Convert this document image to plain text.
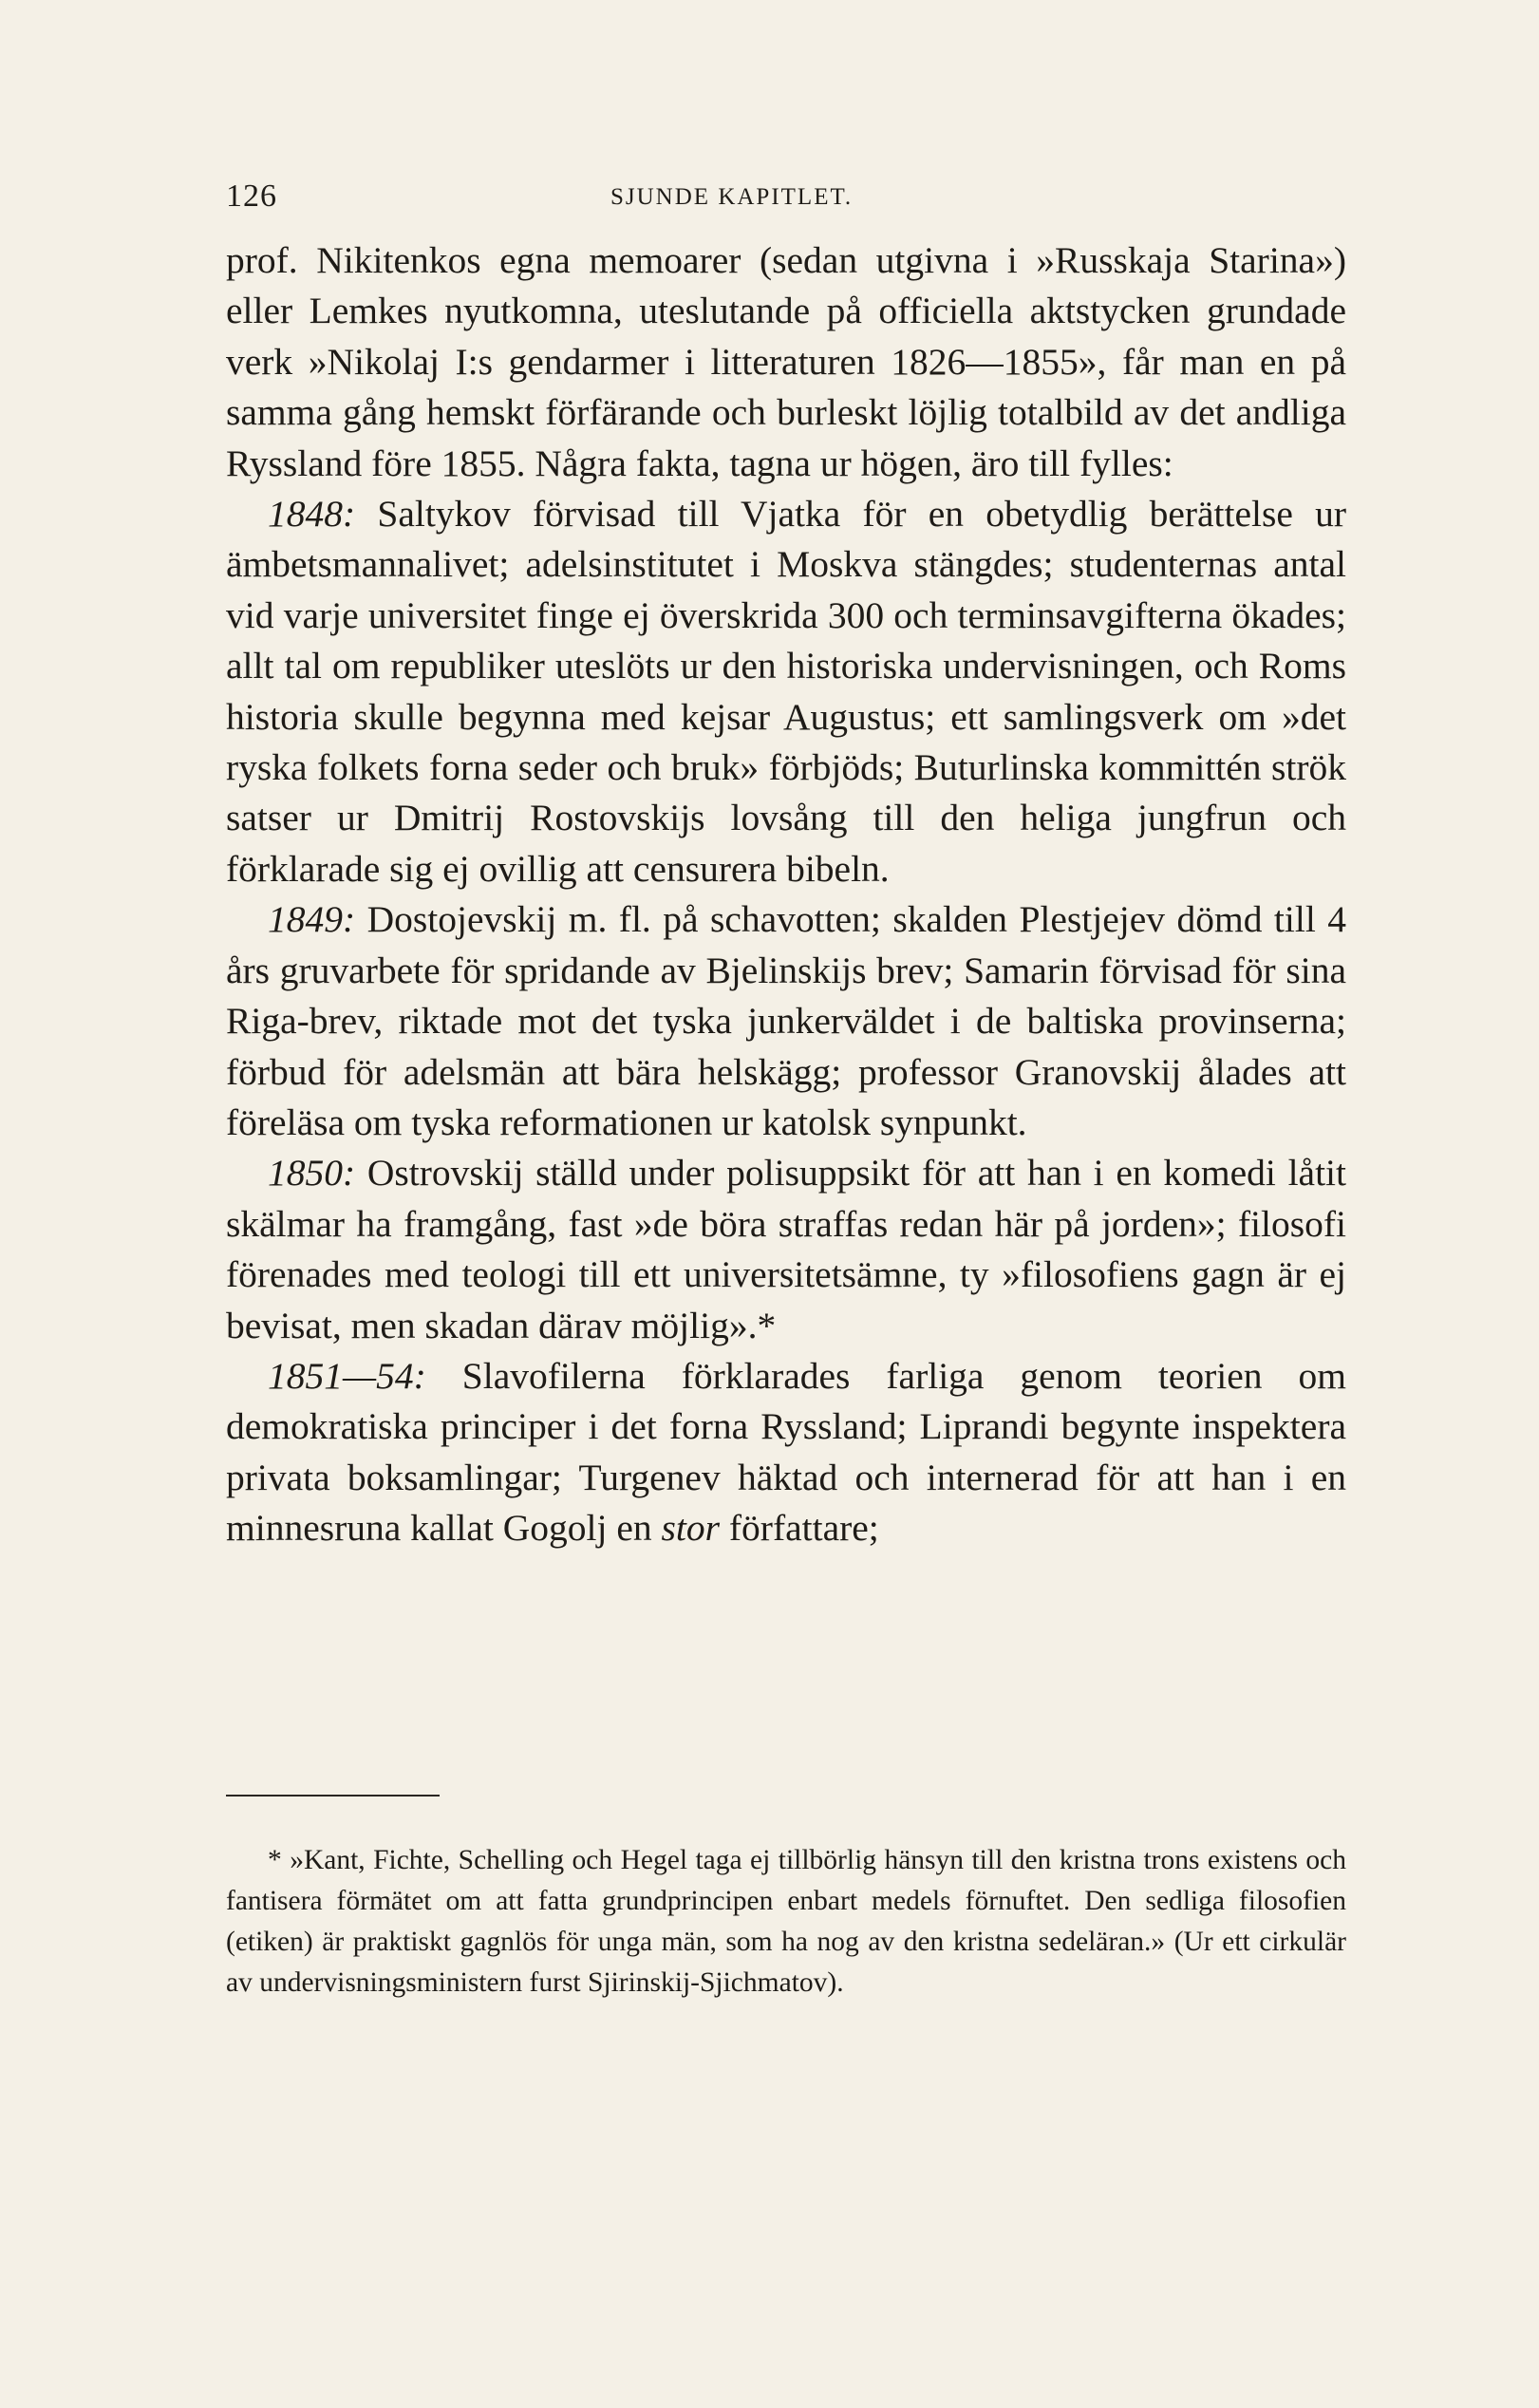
126	SJUNDE KAPITLET.

prof. Nikitenkos egna memoarer (sedan utgivna i »Russkaja Starina») eller Lemkes nyutkomna, uteslutande på officiella aktstycken grundade verk »Nikolaj I:s gendarmer i litteraturen 1826—1855», får man en på samma gång hemskt förfärande och burleskt löjlig totalbild av det andliga Ryssland före 1855. Några fakta, tagna ur högen, äro till fylles:

1848: Saltykov förvisad till Vjatka för en obetydlig berättelse ur ämbetsmannalivet; adelsinstitutet i Moskva stängdes; studenternas antal vid varje universitet finge ej överskrida 300 och terminsavgifterna ökades; allt tal om republiker uteslöts ur den historiska undervisningen, och Roms historia skulle begynna med kejsar Augustus; ett samlingsverk om »det ryska folkets forna seder och bruk» förbjöds; Buturlinska kommittén strök satser ur Dmitrij Rostovskijs lovsång till den heliga jungfrun och förklarade sig ej ovillig att censurera bibeln.

1849: Dostojevskij m. fl. på schavotten; skalden Plestjejev dömd till 4 års gruvarbete för spridande av Bjelinskijs brev; Samarin förvisad för sina Riga-brev, riktade mot det tyska junkerväldet i de baltiska provinserna; förbud för adelsmän att bära helskägg; professor Granovskij ålades att föreläsa om tyska reformationen ur katolsk synpunkt.

1850: Ostrovskij ställd under polisuppsikt för att han i en komedi låtit skälmar ha framgång, fast »de böra straffas redan här på jorden»; filosofi förenades med teologi till ett universitetsämne, ty »filosofiens gagn är ej bevisat, men skadan därav möjlig».*

1851—54: Slavofilerna förklarades farliga genom teorien om demokratiska principer i det forna Ryssland; Liprandi begynte inspektera privata boksamlingar; Turgenev häktad och internerad för att han i en minnesruna kallat Gogolj en stor författare;

* »Kant, Fichte, Schelling och Hegel taga ej tillbörlig hänsyn till den kristna trons existens och fantisera förmätet om att fatta grundprincipen enbart medels förnuftet. Den sedliga filosofien (etiken) är praktiskt gagnlös för unga män, som ha nog av den kristna sedeläran.» (Ur ett cirkulär av undervisningsministern furst Sjirinskij-Sjichmatov).
